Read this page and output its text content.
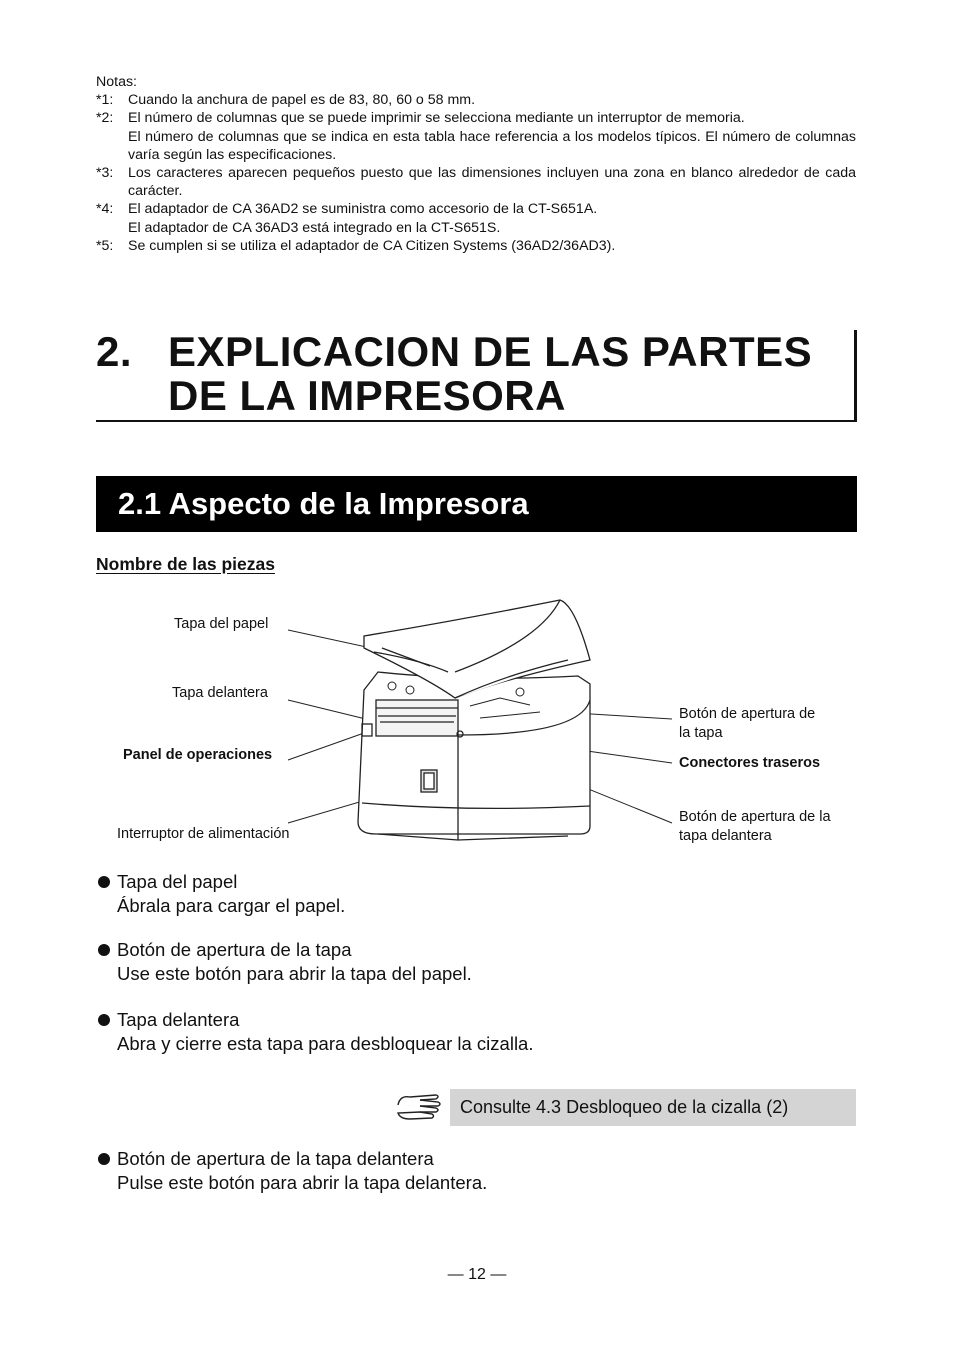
Notas:
*1:	Cuando la anchura de papel es de 83, 80, 60 o 58 mm.
*2:	El número de columnas que se puede imprimir se selecciona mediante un interruptor de memoria.
El número de columnas que se indica en esta tabla hace referencia a los modelos típicos. El número de columnas varía según las especificaciones.
*3:	Los caracteres aparecen pequeños puesto que las dimensiones incluyen una zona en blanco alrededor de cada carácter.
*4:	El adaptador de CA 36AD2 se suministra como accesorio de la CT-S651A.
El adaptador de CA 36AD3 está integrado en la CT-S651S.
*5:	Se cumplen si se utiliza el adaptador de CA Citizen Systems (36AD2/36AD3).
2. EXPLICACION DE LAS PARTES
DE LA IMPRESORA
2.1 Aspecto de la Impresora
Nombre de las piezas
Tapa del papel
Tapa delantera
Panel de operaciones
Interruptor de alimentación
Botón de apertura de la tapa
Conectores traseros
Botón de apertura de la tapa delantera
Tapa del papel
Ábrala para cargar el papel.
Botón de apertura de la tapa
Use este botón para abrir la tapa del papel.
Tapa delantera
Abra y cierre esta tapa para desbloquear la cizalla.
Botón de apertura de la tapa delantera
Pulse este botón para abrir la tapa delantera.
Consulte 4.3 Desbloqueo de la cizalla (2)
— 12 —
